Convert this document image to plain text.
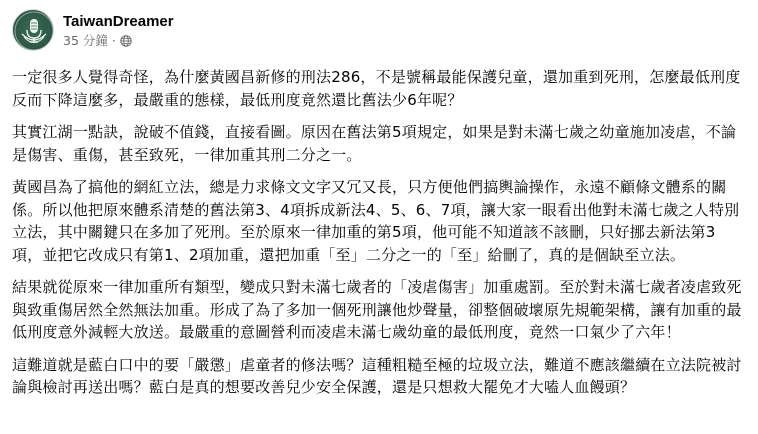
TaiwanDreamer
35 分鐘 ·

一定很多人覺得奇怪，為什麼黃國昌新修的刑法286，不是號稱最能保護兒童，還加重到死刑，怎麼最低刑度反而下降這麼多，最嚴重的態樣，最低刑度竟然還比舊法少6年呢？

其實江湖一點訣，說破不值錢，直接看圖。原因在舊法第5項規定，如果是對未滿七歲之幼童施加凌虐，不論是傷害、重傷，甚至致死，一律加重其刑二分之一。

黃國昌為了搞他的網紅立法，總是力求條文文字又冗又長，只方便他們搞輿論操作，永遠不顧條文體系的關係。所以他把原來體系清楚的舊法第3、4項拆成新法4、5、6、7項，讓大家一眼看出他對未滿七歲之人特別立法，其中關鍵只在多加了死刑。至於原來一律加重的第5項，他可能不知道該不該刪，只好挪去新法第3項，並把它改成只有第1、2項加重，還把加重「至」二分之一的「至」給刪了，真的是個缺至立法。

結果就從原來一律加重所有類型，變成只對未滿七歲者的「凌虐傷害」加重處罰。至於對未滿七歲者凌虐致死與致重傷居然全然無法加重。形成了為了多加一個死刑讓他炒聲量，卻整個破壞原先規範架構，讓有加重的最低刑度意外減輕大放送。最嚴重的意圖營利而凌虐未滿七歲幼童的最低刑度，竟然一口氣少了六年！

這難道就是藍白口中的要「嚴懲」虐童者的修法嗎？這種粗糙至極的垃圾立法，難道不應該繼續在立法院被討論與檢討再送出嗎？藍白是真的想要改善兒少安全保護，還是只想救大罷免才大嗑人血饅頭？
